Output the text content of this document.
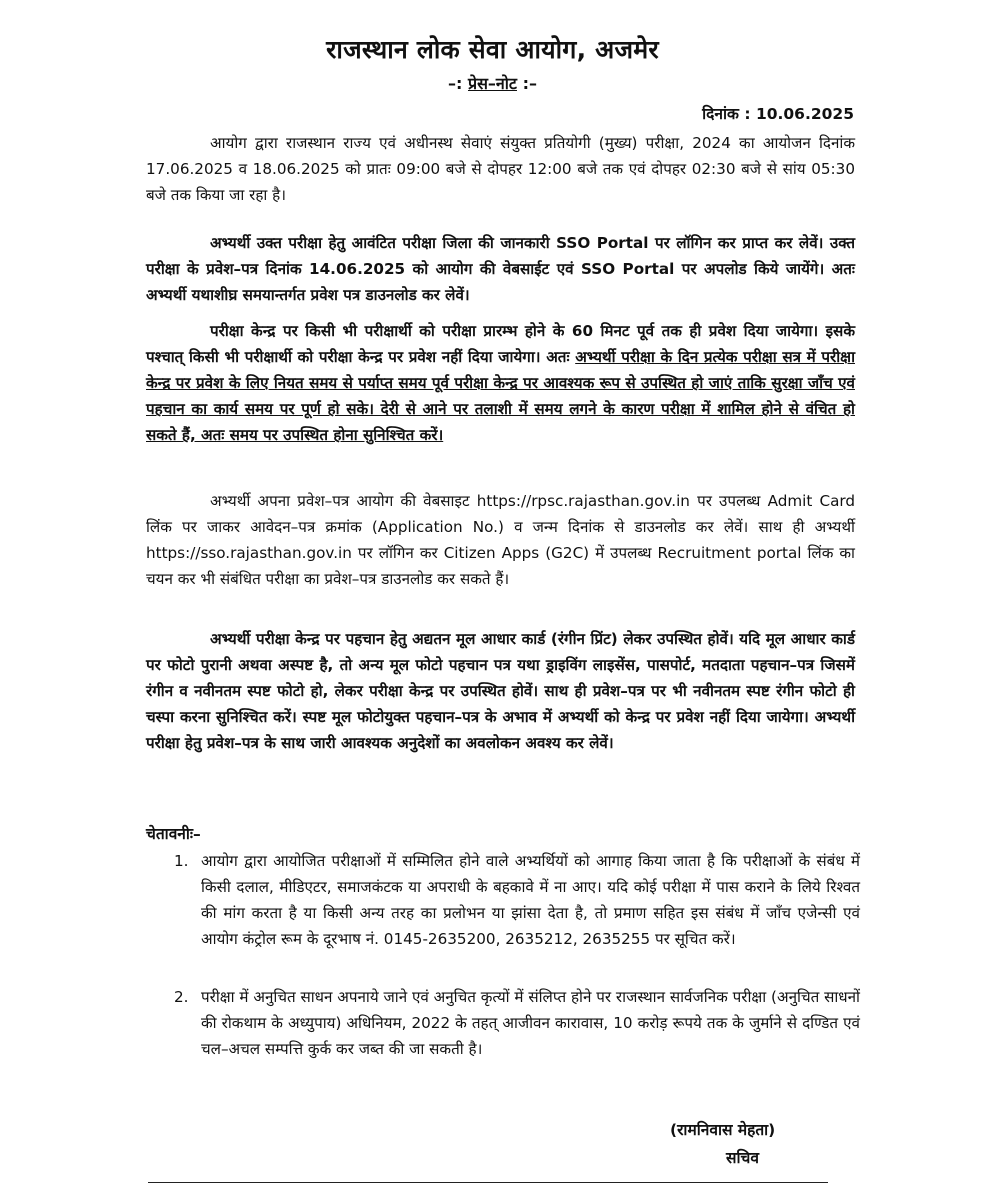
राजस्थान लोक सेवा आयोग, अजमेर
–: प्रेस–नोट :–
दिनांक : 10.06.2025
आयोग द्वारा राजस्थान राज्य एवं अधीनस्थ सेवाएं संयुक्त प्रतियोगी (मुख्य) परीक्षा, 2024 का आयोजन दिनांक 17.06.2025 व 18.06.2025 को प्रातः 09:00 बजे से दोपहर 12:00 बजे तक एवं दोपहर 02:30 बजे से सांय 05:30 बजे तक किया जा रहा है।
अभ्यर्थी उक्त परीक्षा हेतु आवंटित परीक्षा जिला की जानकारी SSO Portal पर लॉगिन कर प्राप्त कर लेवें। उक्त परीक्षा के प्रवेश–पत्र दिनांक 14.06.2025 को आयोग की वेबसाईट एवं SSO Portal पर अपलोड किये जायेंगे। अतः अभ्यर्थी यथाशीघ्र समयान्तर्गत प्रवेश पत्र डाउनलोड कर लेवें।
परीक्षा केन्द्र पर किसी भी परीक्षार्थी को परीक्षा प्रारम्भ होने के 60 मिनट पूर्व तक ही प्रवेश दिया जायेगा। इसके पश्चात् किसी भी परीक्षार्थी को परीक्षा केन्द्र पर प्रवेश नहीं दिया जायेगा। अतः अभ्यर्थी परीक्षा के दिन प्रत्येक परीक्षा सत्र में परीक्षा केन्द्र पर प्रवेश के लिए नियत समय से पर्याप्त समय पूर्व परीक्षा केन्द्र पर आवश्यक रूप से उपस्थित हो जाएं ताकि सुरक्षा जाँच एवं पहचान का कार्य समय पर पूर्ण हो सके। देरी से आने पर तलाशी में समय लगने के कारण परीक्षा में शामिल होने से वंचित हो सकते हैं, अतः समय पर उपस्थित होना सुनिश्चित करें।
अभ्यर्थी अपना प्रवेश–पत्र आयोग की वेबसाइट https://rpsc.rajasthan.gov.in पर उपलब्ध Admit Card लिंक पर जाकर आवेदन–पत्र क्रमांक (Application No.) व जन्म दिनांक से डाउनलोड कर लेवें। साथ ही अभ्यर्थी https://sso.rajasthan.gov.in पर लॉगिन कर Citizen Apps (G2C) में उपलब्ध Recruitment portal लिंक का चयन कर भी संबंधित परीक्षा का प्रवेश–पत्र डाउनलोड कर सकते हैं।
अभ्यर्थी परीक्षा केन्द्र पर पहचान हेतु अद्यतन मूल आधार कार्ड (रंगीन प्रिंट) लेकर उपस्थित होवें। यदि मूल आधार कार्ड पर फोटो पुरानी अथवा अस्पष्ट है, तो अन्य मूल फोटो पहचान पत्र यथा ड्राइविंग लाइसेंस, पासपोर्ट, मतदाता पहचान–पत्र जिसमें रंगीन व नवीनतम स्पष्ट फोटो हो, लेकर परीक्षा केन्द्र पर उपस्थित होवें। साथ ही प्रवेश–पत्र पर भी नवीनतम स्पष्ट रंगीन फोटो ही चस्पा करना सुनिश्चित करें। स्पष्ट मूल फोटोयुक्त पहचान–पत्र के अभाव में अभ्यर्थी को केन्द्र पर प्रवेश नहीं दिया जायेगा। अभ्यर्थी परीक्षा हेतु प्रवेश–पत्र के साथ जारी आवश्यक अनुदेशों का अवलोकन अवश्य कर लेवें।
चेतावनीः–
1. आयोग द्वारा आयोजित परीक्षाओं में सम्मिलित होने वाले अभ्यर्थियों को आगाह किया जाता है कि परीक्षाओं के संबंध में किसी दलाल, मीडिएटर, समाजकंटक या अपराधी के बहकावे में ना आए। यदि कोई परीक्षा में पास कराने के लिये रिश्वत की मांग करता है या किसी अन्य तरह का प्रलोभन या झांसा देता है, तो प्रमाण सहित इस संबंध में जाँच एजेन्सी एवं आयोग कंट्रोल रूम के दूरभाष नं. 0145-2635200, 2635212, 2635255 पर सूचित करें।
2. परीक्षा में अनुचित साधन अपनाये जाने एवं अनुचित कृत्यों में संलिप्त होने पर राजस्थान सार्वजनिक परीक्षा (अनुचित साधनों की रोकथाम के अध्युपाय) अधिनियम, 2022 के तहत् आजीवन कारावास, 10 करोड़ रूपये तक के जुर्माने से दण्डित एवं चल–अचल सम्पत्ति कुर्क कर जब्त की जा सकती है।
(रामनिवास मेहता)
सचिव
